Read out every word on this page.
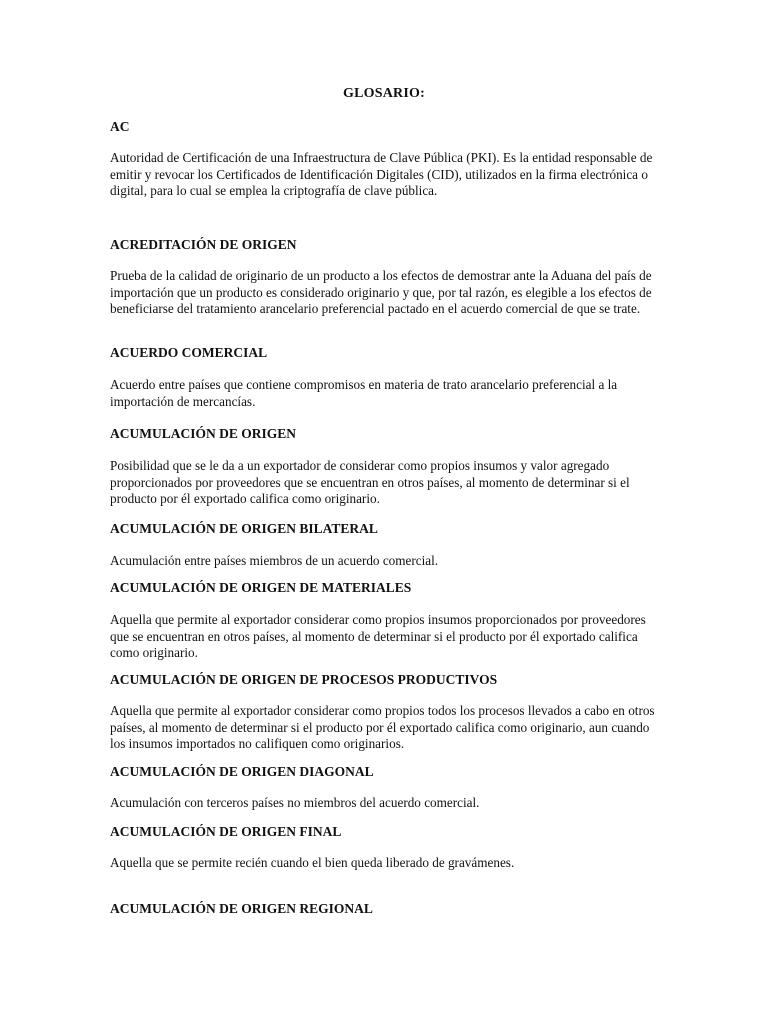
GLOSARIO:
AC
Autoridad de Certificación de una Infraestructura de Clave Pública (PKI). Es la entidad responsable de emitir y revocar los Certificados de Identificación Digitales (CID), utilizados en la firma electrónica o digital, para lo cual se emplea la criptografía de clave pública.
ACREDITACIÓN DE ORIGEN
Prueba de la calidad de originario de un producto a los efectos de demostrar ante la Aduana del país de importación que un producto es considerado originario y que, por tal razón, es elegible a los efectos de beneficiarse del tratamiento arancelario preferencial pactado en el acuerdo comercial de que se trate.
ACUERDO COMERCIAL
Acuerdo entre países que contiene compromisos en materia de trato arancelario preferencial a la importación de mercancías.
ACUMULACIÓN DE ORIGEN
Posibilidad que se le da a un exportador de considerar como propios insumos y valor agregado proporcionados por proveedores que se encuentran en otros países, al momento de determinar si el producto por él exportado califica como originario.
ACUMULACIÓN DE ORIGEN BILATERAL
Acumulación entre países miembros de un acuerdo comercial.
ACUMULACIÓN DE ORIGEN DE MATERIALES
Aquella que permite al exportador considerar como propios insumos proporcionados por proveedores que se encuentran en otros países, al momento de determinar si el producto por él exportado califica como originario.
ACUMULACIÓN DE ORIGEN DE PROCESOS PRODUCTIVOS
Aquella que permite al exportador considerar como propios todos los procesos llevados a cabo en otros países, al momento de determinar si el producto por él exportado califica como originario, aun cuando los insumos importados no califiquen como originarios.
ACUMULACIÓN DE ORIGEN DIAGONAL
Acumulación con terceros países no miembros del acuerdo comercial.
ACUMULACIÓN DE ORIGEN FINAL
Aquella que se permite recién cuando el bien queda liberado de gravámenes.
ACUMULACIÓN DE ORIGEN REGIONAL
